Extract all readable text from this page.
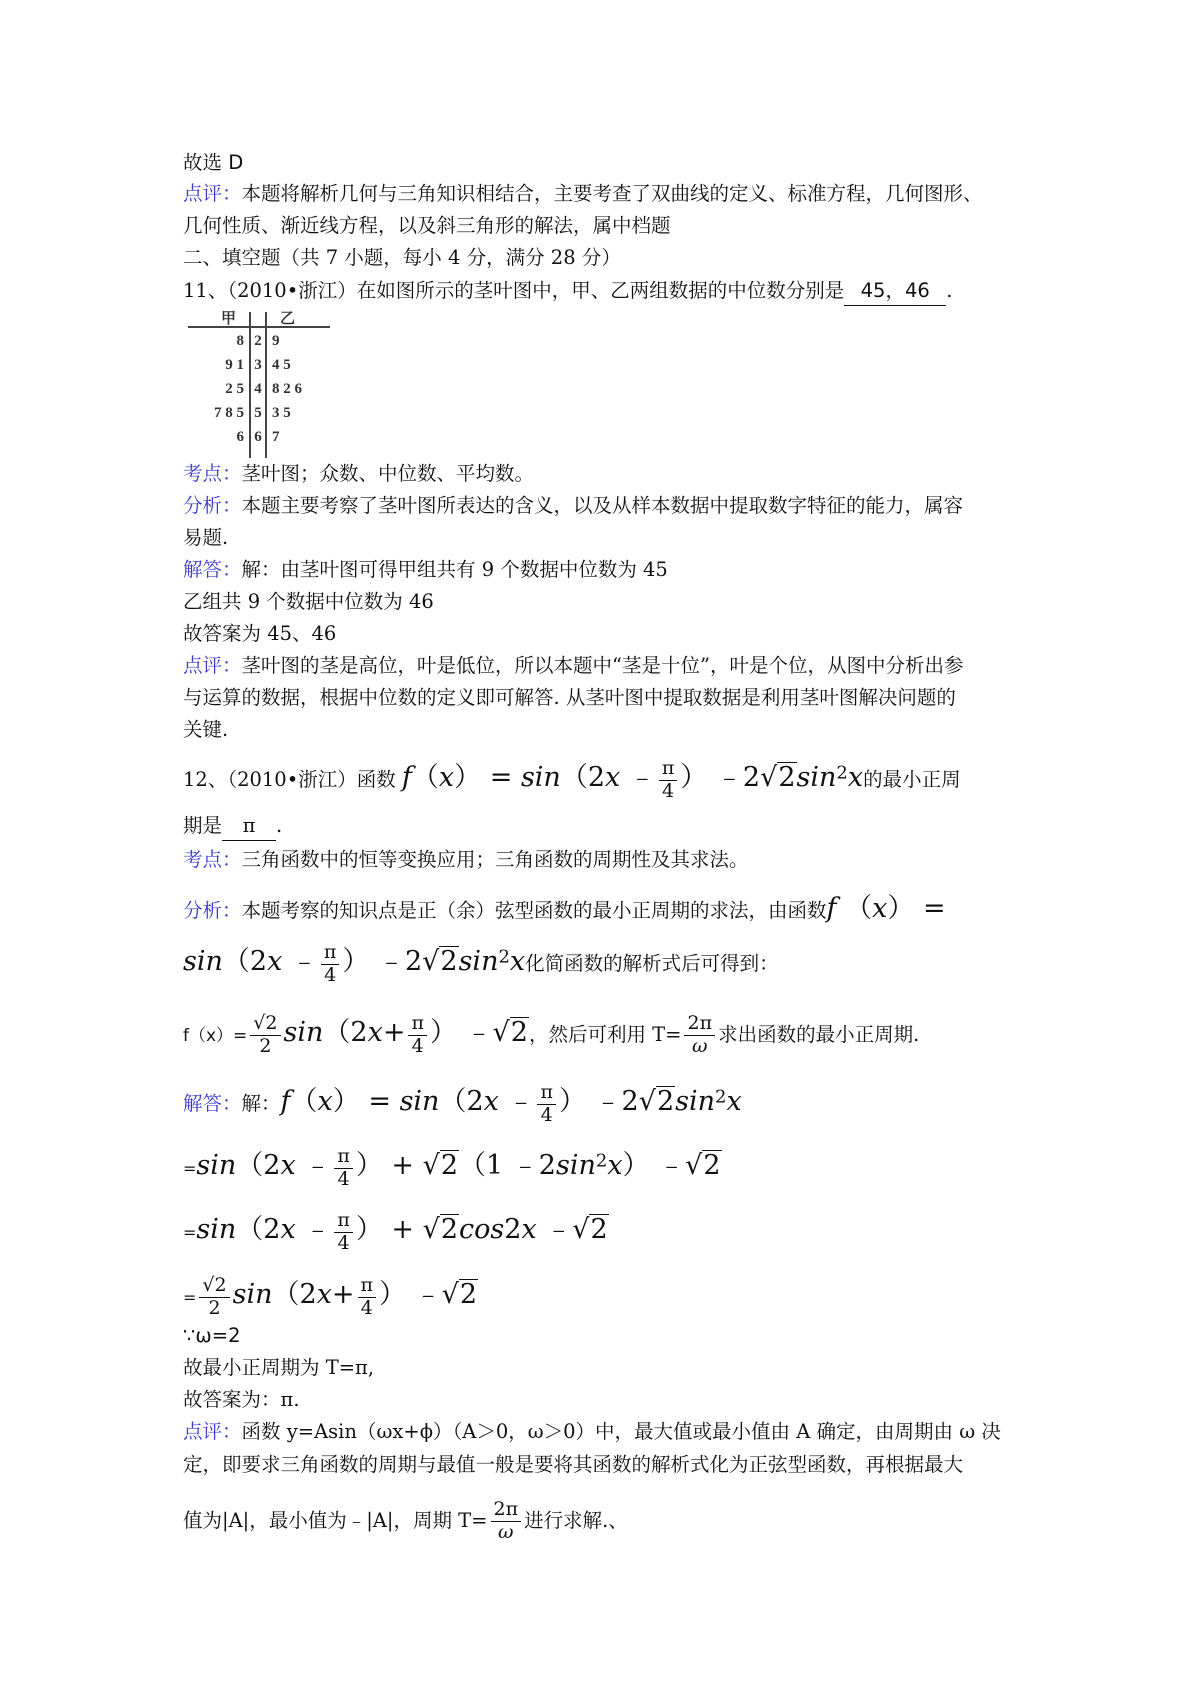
故选 D
点评：本题将解析几何与三角知识相结合，主要考查了双曲线的定义、标准方程，几何图形、
几何性质、渐近线方程，以及斜三角形的解法，属中档题
二、填空题（共 7 小题，每小 4 分，满分 28 分）
11、（2010•浙江）在如图所示的茎叶图中，甲、乙两组数据的中位数分别是 45，46 .
甲	乙
8 2 9
9 1 3 4 5
2 5 4 8 2 6
7 8 5 5 3 5
6 6 7
考点：茎叶图；众数、中位数、平均数。
分析：本题主要考察了茎叶图所表达的含义，以及从样本数据中提取数字特征的能力，属容
易题.
解答：解：由茎叶图可得甲组共有 9 个数据中位数为 45
乙组共 9 个数据中位数为 46
故答案为 45、46
点评：茎叶图的茎是高位，叶是低位，所以本题中“茎是十位”，叶是个位，从图中分析出参
与运算的数据，根据中位数的定义即可解答. 从茎叶图中提取数据是利用茎叶图解决问题的
关键.
12、（2010•浙江）函数 f（x） = sin（2x ﹣ $\frac{\pi}{4}$ ） $﹣2√2\sin^2x$的最小正周
期是 π .
考点：三角函数中的恒等变换应用；三角函数的周期性及其求法。
分析：本题考察的知识点是正（余）弦型函数的最小正周期的求法，由函数f （x） =
sin（2x ﹣ $\frac{\pi}{4}$ ） $﹣2√2\sin^2x$化简函数的解析式后可得到：
$f(x)= \frac{√2}{2} \sin(2x+ \frac{\pi}{4}$ ） ﹣√2，然后可利用 $T= \frac{2\pi}{\omega}$ 求出函数的最小正周期.
解答：解：f（x） = sin（2x ﹣ $\frac{\pi}{4}$ ） $﹣2√2\sin^2x$
=sin（2x ﹣ $\frac{\pi}{4}$ ） + √2（1 $﹣2\sin^2x$） ﹣√2
=sin（2x ﹣ $\frac{\pi}{4}$ ） + √2cos2x ﹣√2
= $\frac{√2}{2} \sin(2x+ \frac{\pi}{4}$ ） ﹣√2
∵ω=2
故最小正周期为 T=π,
故答案为：π.
点评：函数 y=Asin（ωx+ϕ）（A＞0，ω＞0）中，最大值或最小值由 A 确定，由周期由 ω 决
定，即要求三角函数的周期与最值一般是要将其函数的解析式化为正弦型函数，再根据最大
值为|A|，最小值为﹣|A|，周期 $T= \frac{2\pi}{\omega}$ 进行求解.、
